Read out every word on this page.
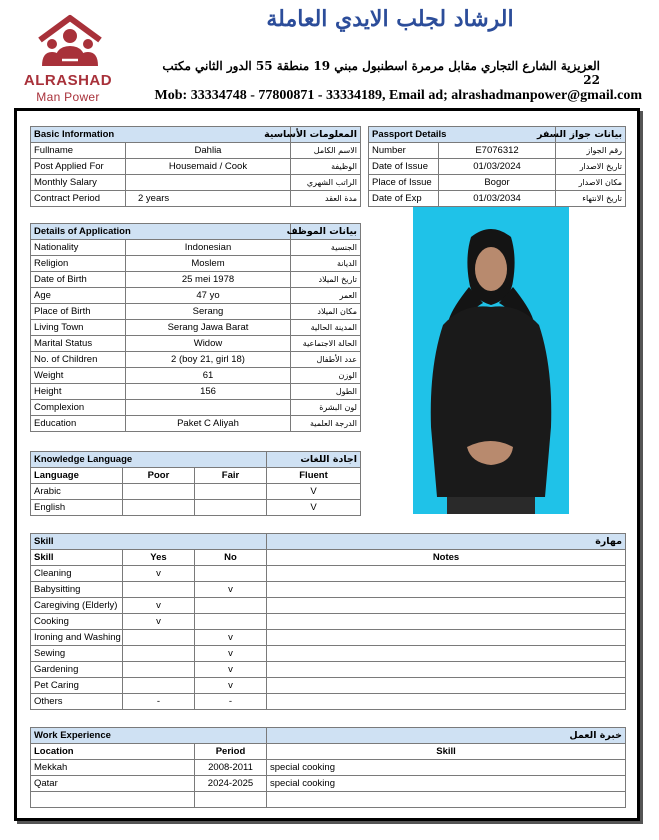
ALRASHAD
Man Power
الرشاد لجلب الايدي العاملة
العزيزية الشارع التجاري مقابل مرمرة اسطنبول مبني 19 منطقة 55 الدور الثاني مكتب 22
Mob: 33334748 - 77800871 - 33334189, Email ad; alrashadmanpower@gmail.com
Basic Information		المعلومات الأساسية
Fullname	Dahlia	الاسم الكامل
Post Applied For	Housemaid / Cook	الوظيفة
Monthly Salary		الراتب الشهري
Contract Period	2 years	مدة العقد
Passport Details		بيانات جواز السفر
Number	E7076312	رقم الجواز
Date of Issue	01/03/2024	تاريخ الاصدار
Place of Issue	Bogor	مكان الاصدار
Date of Exp	01/03/2034	تاريخ الانتهاء
Details of Application		بيانات الموظف
Nationality	Indonesian	الجنسية
Religion	Moslem	الديانة
Date of Birth	25 mei 1978	تاريخ الميلاد
Age	47 yo	العمر
Place of Birth	Serang	مكان الميلاد
Living Town	Serang Jawa Barat	المدينة الحالية
Marital Status	Widow	الحالة الاجتماعية
No. of Children	2 (boy 21, girl 18)	عدد الأطفال
Weight	61	الوزن
Height	156	الطول
Complexion		لون البشرة
Education	Paket C Aliyah	الدرجة العلمية
Knowledge Language			اجادة اللغات
Language	Poor	Fair	Fluent
Arabic			V
English			V
Skill			مهارة
Skill	Yes	No	Notes
Cleaning	v		
Babysitting		v	
Caregiving (Elderly)	v		
Cooking	v		
Ironing and Washing		v	
Sewing		v	
Gardening		v	
Pet Caring		v	
Others	-	-	
Work Experience		خبرة العمل
Location	Period	Skill
Mekkah	2008-2011	special cooking
Qatar	2024-2025	special cooking
